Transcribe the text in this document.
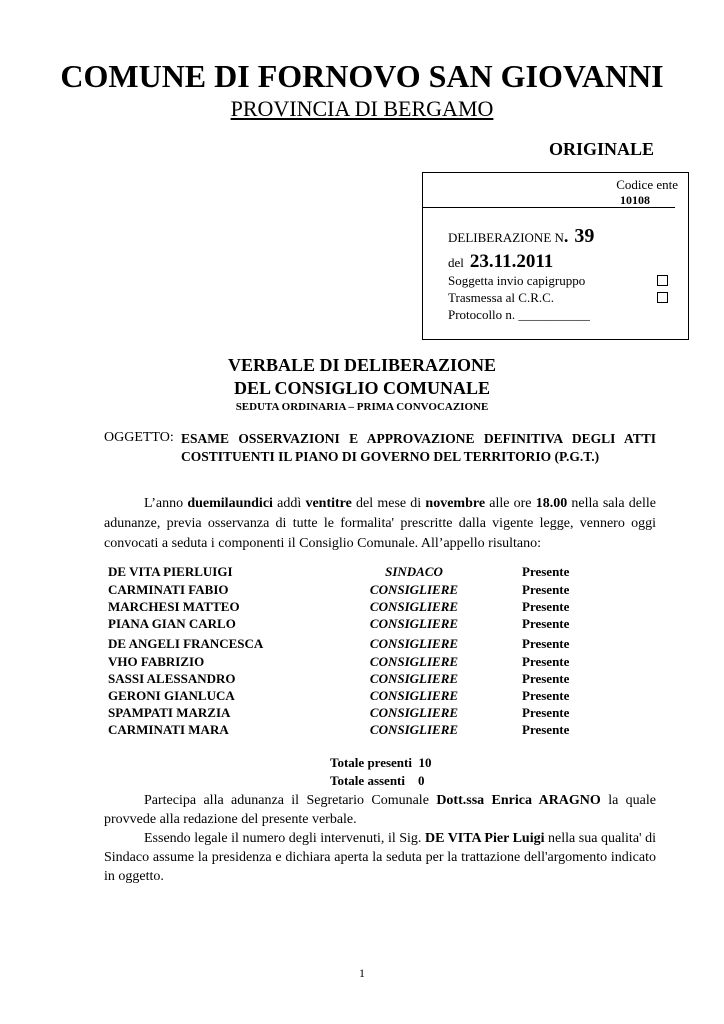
COMUNE DI FORNOVO SAN GIOVANNI
PROVINCIA DI BERGAMO
ORIGINALE
Codice ente
10108
DELIBERAZIONE N. 39
del 23.11.2011
Soggetta invio capigruppo
Trasmessa al C.R.C.
Protocollo n. ___________
VERBALE DI DELIBERAZIONE
DEL CONSIGLIO COMUNALE
SEDUTA ORDINARIA – PRIMA CONVOCAZIONE
OGGETTO: ESAME OSSERVAZIONI E APPROVAZIONE DEFINITIVA DEGLI ATTI COSTITUENTI IL PIANO DI GOVERNO DEL TERRITORIO (P.G.T.)
L’anno duemilaundici addì ventitre del mese di novembre alle ore 18.00 nella sala delle adunanze, previa osservanza di tutte le formalita' prescritte dalla vigente legge, vennero oggi convocati a seduta i componenti il Consiglio Comunale. All’appello risultano:
DE VITA PIERLUIGI	SINDACO	Presente
CARMINATI FABIO	CONSIGLIERE	Presente
MARCHESI MATTEO	CONSIGLIERE	Presente
PIANA GIAN CARLO	CONSIGLIERE	Presente
DE ANGELI FRANCESCA	CONSIGLIERE	Presente
VHO FABRIZIO	CONSIGLIERE	Presente
SASSI ALESSANDRO	CONSIGLIERE	Presente
GERONI GIANLUCA	CONSIGLIERE	Presente
SPAMPATI MARZIA	CONSIGLIERE	Presente
CARMINATI MARA	CONSIGLIERE	Presente
Totale presenti  10
Totale assenti    0
Partecipa alla adunanza il Segretario Comunale Dott.ssa Enrica ARAGNO la quale provvede alla redazione del presente verbale.
Essendo legale il numero degli intervenuti, il Sig. DE VITA Pier Luigi nella sua qualita' di Sindaco assume la presidenza e dichiara aperta la seduta per la trattazione dell'argomento indicato in oggetto.
1
